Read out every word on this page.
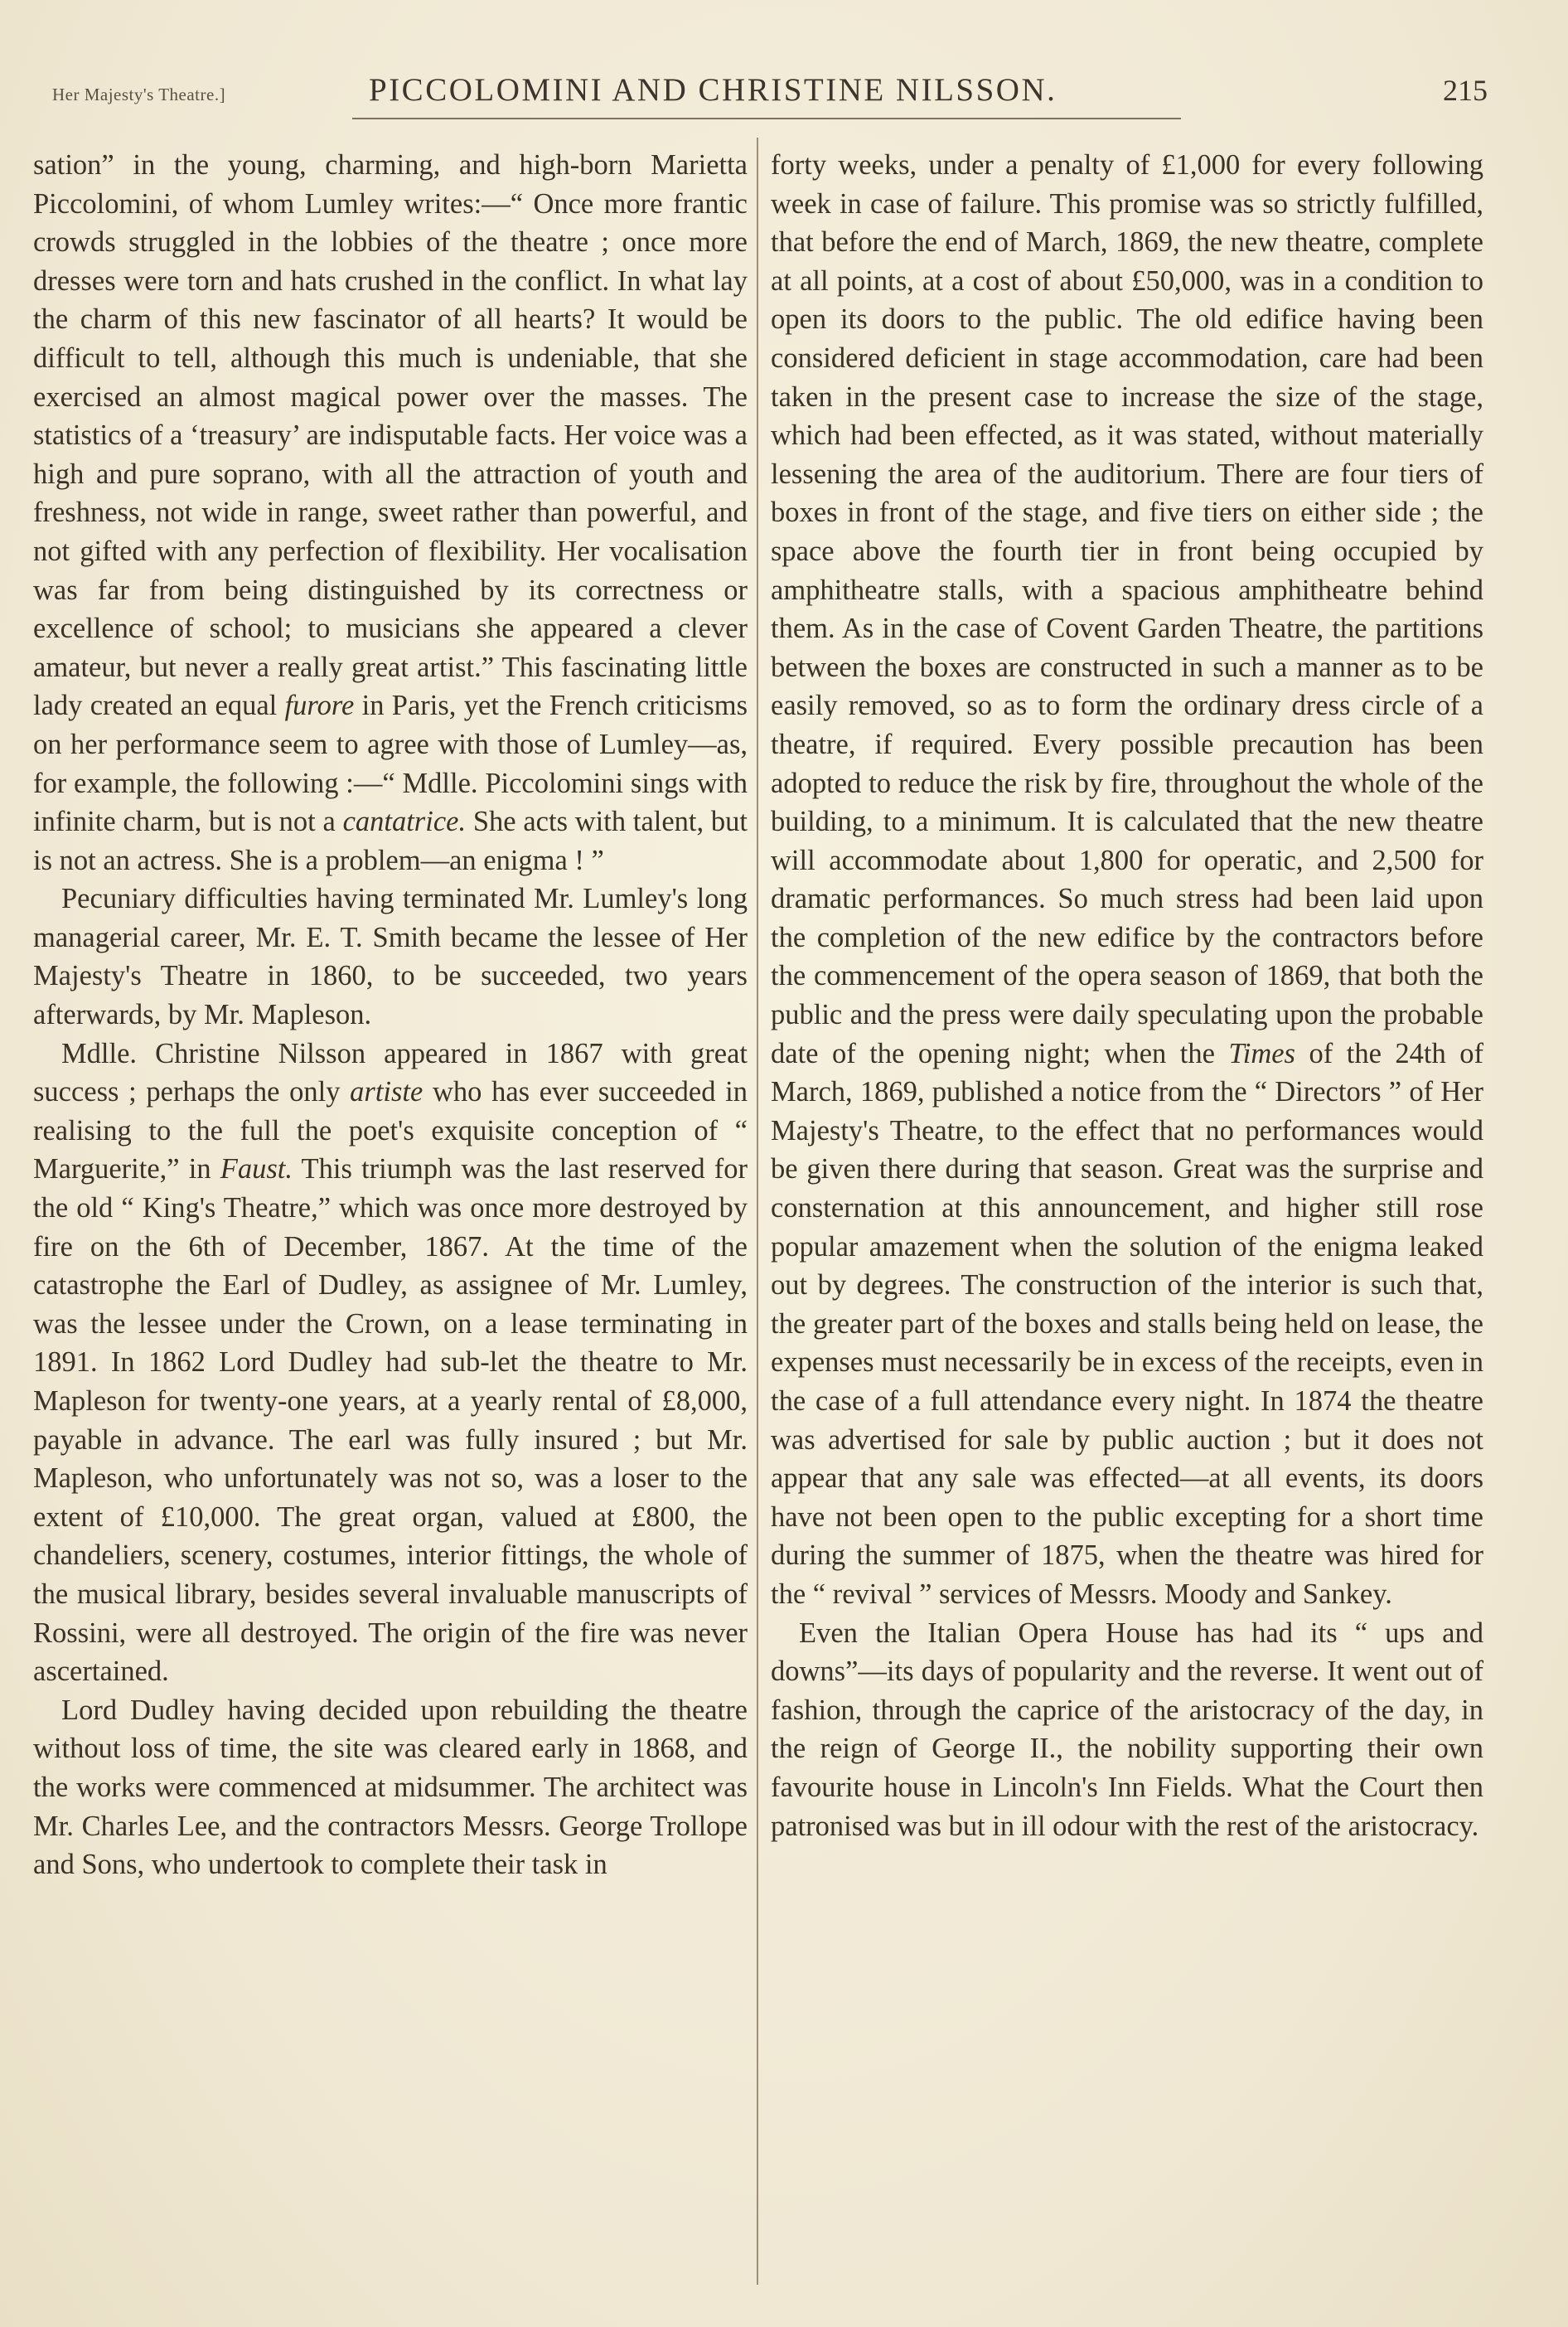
Her Majesty's Theatre.]	PICCOLOMINI AND CHRISTINE NILSSON.	215

sation” in the young, charming, and high-born Marietta Piccolomini, of whom Lumley writes:—“ Once more frantic crowds struggled in the lobbies of the theatre ; once more dresses were torn and hats crushed in the conflict. In what lay the charm of this new fascinator of all hearts? It would be difficult to tell, although this much is undeniable, that she exercised an almost magical power over the masses. The statistics of a ‘treasury’ are indisputable facts. Her voice was a high and pure soprano, with all the attraction of youth and freshness, not wide in range, sweet rather than powerful, and not gifted with any perfection of flexibility. Her vocalisation was far from being distinguished by its correctness or excellence of school; to musicians she appeared a clever amateur, but never a really great artist.” This fascinating little lady created an equal furore in Paris, yet the French criticisms on her performance seem to agree with those of Lumley—as, for example, the following :—“ Mdlle. Piccolomini sings with infinite charm, but is not a cantatrice. She acts with talent, but is not an actress. She is a problem—an enigma ! ”

Pecuniary difficulties having terminated Mr. Lumley's long managerial career, Mr. E. T. Smith became the lessee of Her Majesty's Theatre in 1860, to be succeeded, two years afterwards, by Mr. Mapleson.

Mdlle. Christine Nilsson appeared in 1867 with great success ; perhaps the only artiste who has ever succeeded in realising to the full the poet's exquisite conception of “ Marguerite,” in Faust. This triumph was the last reserved for the old “ King's Theatre,” which was once more destroyed by fire on the 6th of December, 1867. At the time of the catastrophe the Earl of Dudley, as assignee of Mr. Lumley, was the lessee under the Crown, on a lease terminating in 1891. In 1862 Lord Dudley had sub-let the theatre to Mr. Mapleson for twenty-one years, at a yearly rental of £8,000, payable in advance. The earl was fully insured ; but Mr. Mapleson, who unfortunately was not so, was a loser to the extent of £10,000. The great organ, valued at £800, the chandeliers, scenery, costumes, interior fittings, the whole of the musical library, besides several invaluable manuscripts of Rossini, were all destroyed. The origin of the fire was never ascertained.

Lord Dudley having decided upon rebuilding the theatre without loss of time, the site was cleared early in 1868, and the works were commenced at midsummer. The architect was Mr. Charles Lee, and the contractors Messrs. George Trollope and Sons, who undertook to complete their task in

forty weeks, under a penalty of £1,000 for every following week in case of failure. This promise was so strictly fulfilled, that before the end of March, 1869, the new theatre, complete at all points, at a cost of about £50,000, was in a condition to open its doors to the public. The old edifice having been considered deficient in stage accommodation, care had been taken in the present case to increase the size of the stage, which had been effected, as it was stated, without materially lessening the area of the auditorium. There are four tiers of boxes in front of the stage, and five tiers on either side ; the space above the fourth tier in front being occupied by amphitheatre stalls, with a spacious amphitheatre behind them. As in the case of Covent Garden Theatre, the partitions between the boxes are constructed in such a manner as to be easily removed, so as to form the ordinary dress circle of a theatre, if required. Every possible precaution has been adopted to reduce the risk by fire, throughout the whole of the building, to a minimum. It is calculated that the new theatre will accommodate about 1,800 for operatic, and 2,500 for dramatic performances. So much stress had been laid upon the completion of the new edifice by the contractors before the commencement of the opera season of 1869, that both the public and the press were daily speculating upon the probable date of the opening night; when the Times of the 24th of March, 1869, published a notice from the “ Directors ” of Her Majesty's Theatre, to the effect that no performances would be given there during that season. Great was the surprise and consternation at this announcement, and higher still rose popular amazement when the solution of the enigma leaked out by degrees. The construction of the interior is such that, the greater part of the boxes and stalls being held on lease, the expenses must necessarily be in excess of the receipts, even in the case of a full attendance every night. In 1874 the theatre was advertised for sale by public auction ; but it does not appear that any sale was effected—at all events, its doors have not been open to the public excepting for a short time during the summer of 1875, when the theatre was hired for the “ revival ” services of Messrs. Moody and Sankey.

Even the Italian Opera House has had its “ ups and downs”—its days of popularity and the reverse. It went out of fashion, through the caprice of the aristocracy of the day, in the reign of George II., the nobility supporting their own favourite house in Lincoln's Inn Fields. What the Court then patronised was but in ill odour with the rest of the aristocracy.
